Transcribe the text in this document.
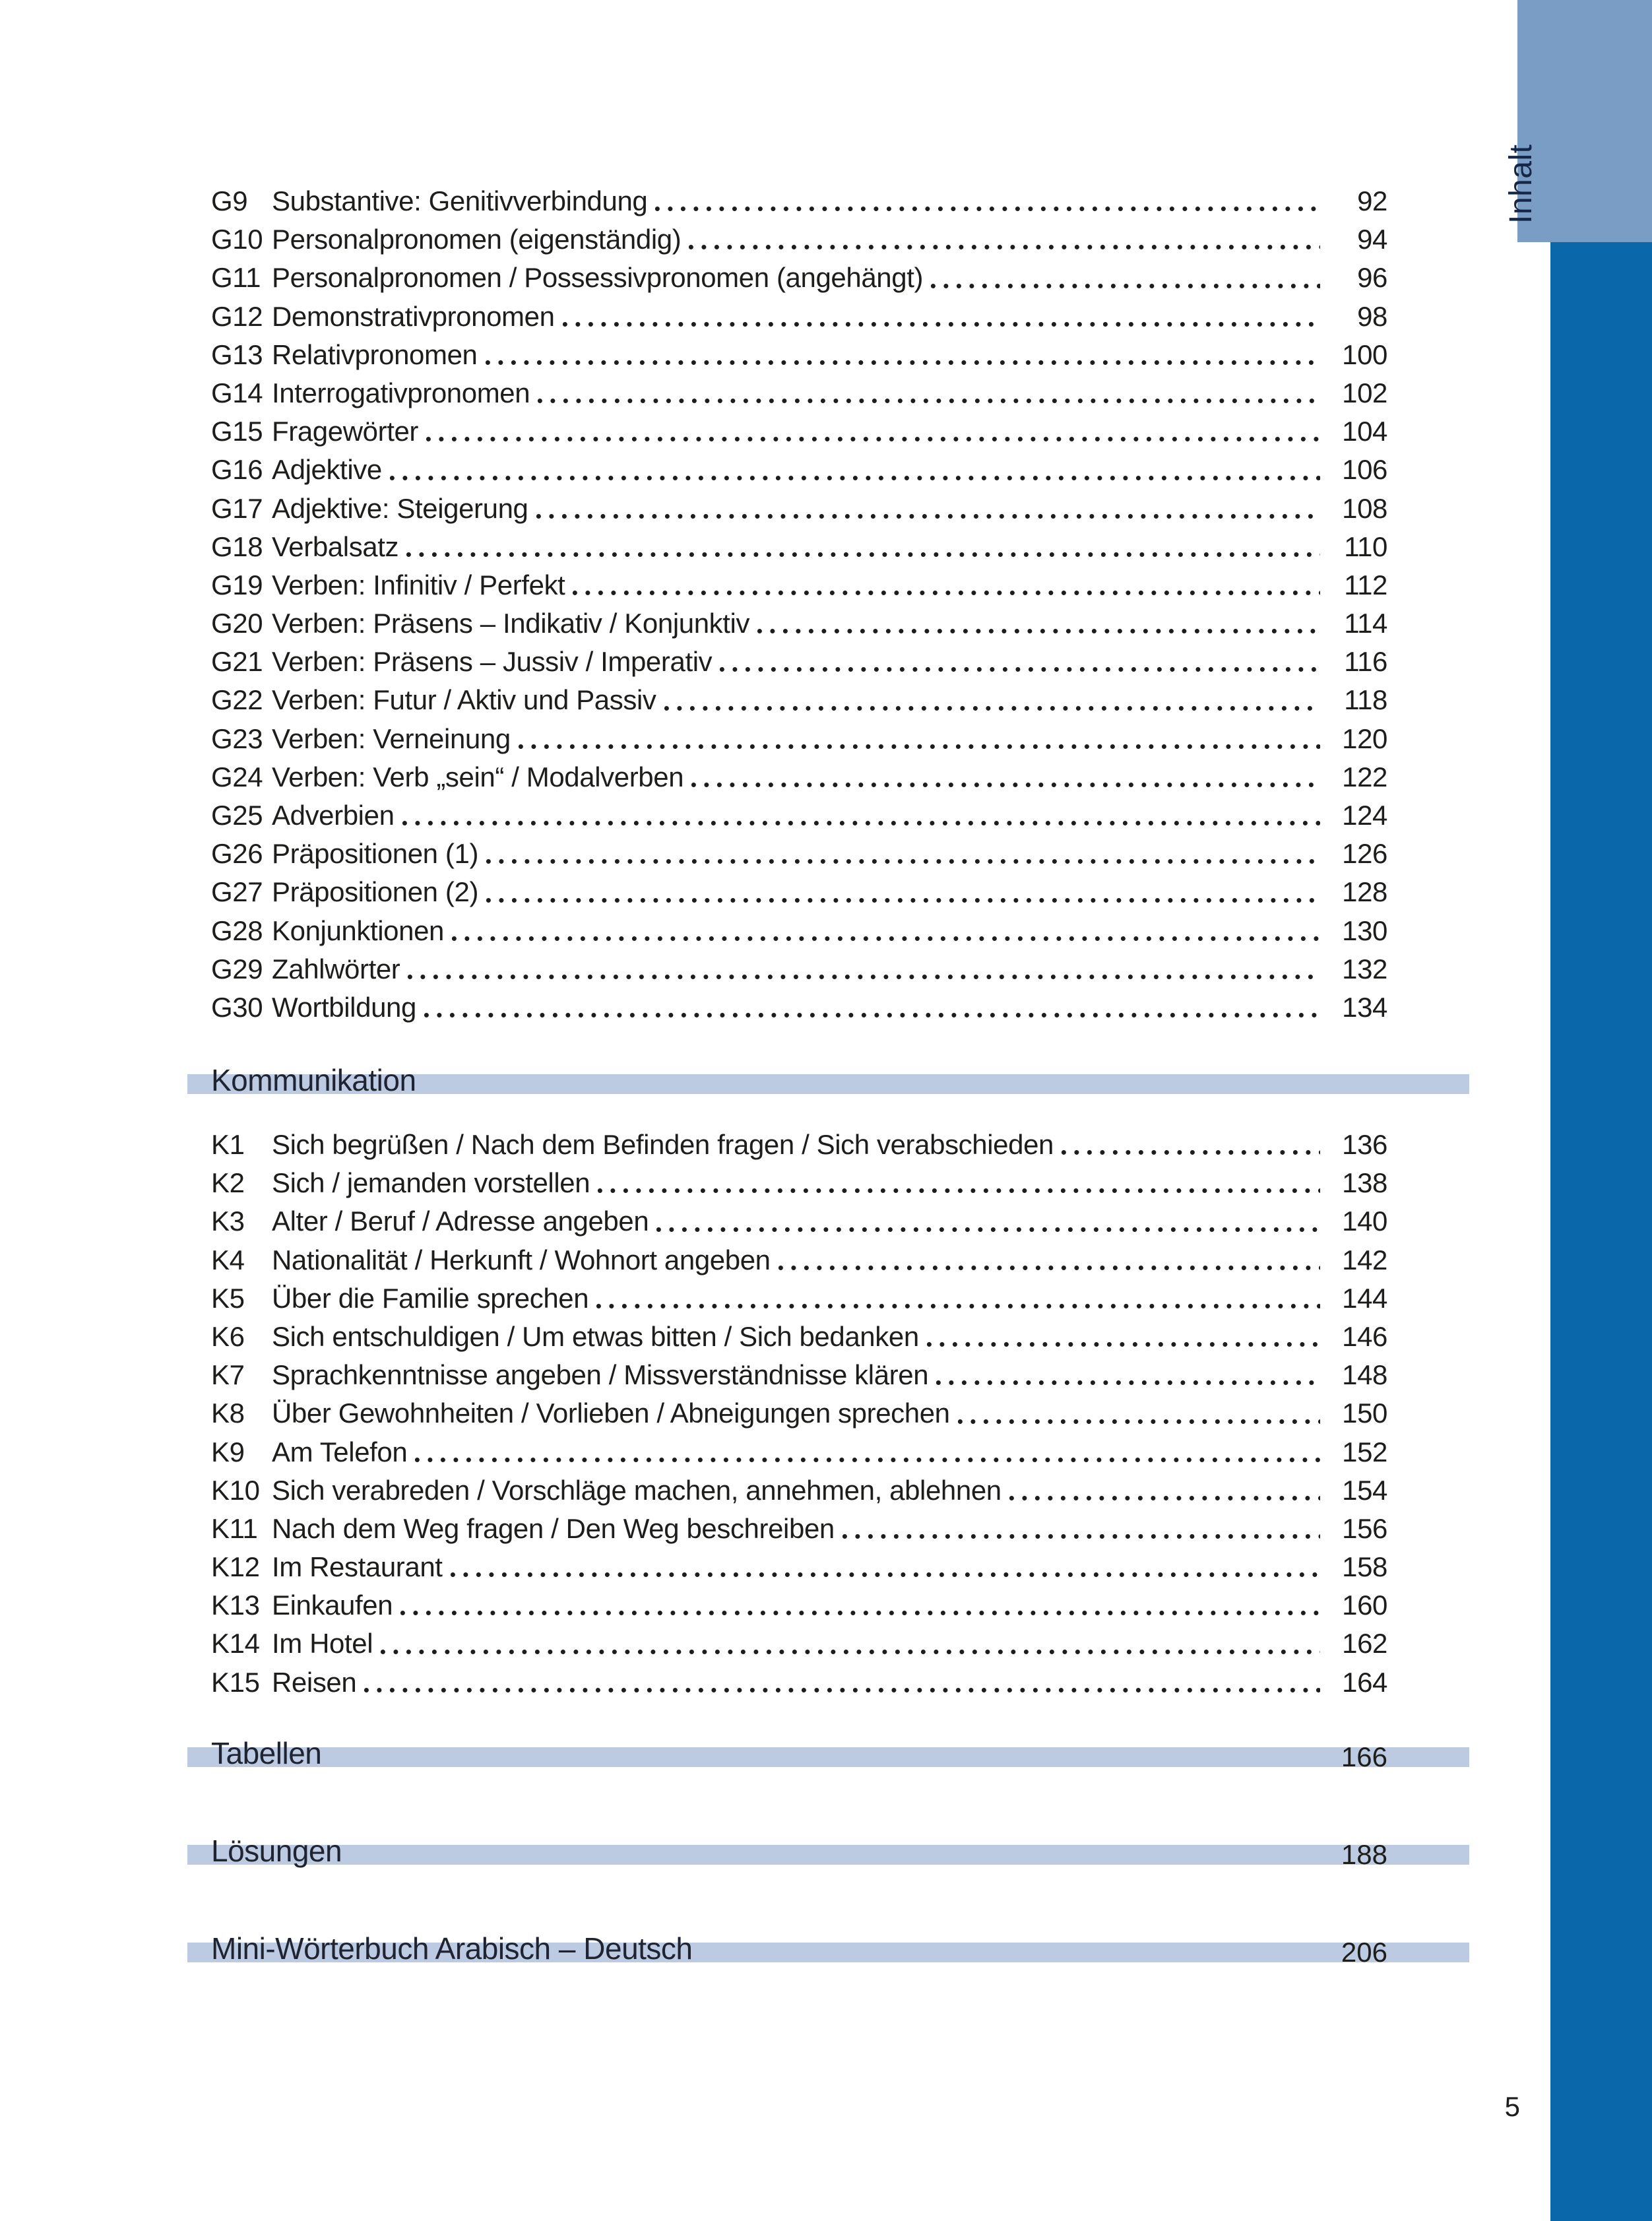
G9 Substantive: Genitivverbindung	92
G10 Personalpronomen (eigenständig)	94
G11 Personalpronomen / Possessivpronomen (angehängt)	96
G12 Demonstrativpronomen	98
G13 Relativpronomen	100
G14 Interrogativpronomen	102
G15 Fragewörter	104
G16 Adjektive	106
G17 Adjektive: Steigerung	108
G18 Verbalsatz	110
G19 Verben: Infinitiv / Perfekt	112
G20 Verben: Präsens – Indikativ / Konjunktiv	114
G21 Verben: Präsens – Jussiv / Imperativ	116
G22 Verben: Futur / Aktiv und Passiv	118
G23 Verben: Verneinung	120
G24 Verben: Verb „sein“ / Modalverben	122
G25 Adverbien	124
G26 Präpositionen (1)	126
G27 Präpositionen (2)	128
G28 Konjunktionen	130
G29 Zahlwörter	132
G30 Wortbildung	134
Kommunikation
K1 Sich begrüßen / Nach dem Befinden fragen / Sich verabschieden	136
K2 Sich / jemanden vorstellen	138
K3 Alter / Beruf / Adresse angeben	140
K4 Nationalität / Herkunft / Wohnort angeben	142
K5 Über die Familie sprechen	144
K6 Sich entschuldigen / Um etwas bitten / Sich bedanken	146
K7 Sprachkenntnisse angeben / Missverständnisse klären	148
K8 Über Gewohnheiten / Vorlieben / Abneigungen sprechen	150
K9 Am Telefon	152
K10 Sich verabreden / Vorschläge machen, annehmen, ablehnen	154
K11 Nach dem Weg fragen / Den Weg beschreiben	156
K12 Im Restaurant	158
K13 Einkaufen	160
K14 Im Hotel	162
K15 Reisen	164
Tabellen	166
Lösungen	188
Mini-Wörterbuch Arabisch – Deutsch	206
Inhalt
5
